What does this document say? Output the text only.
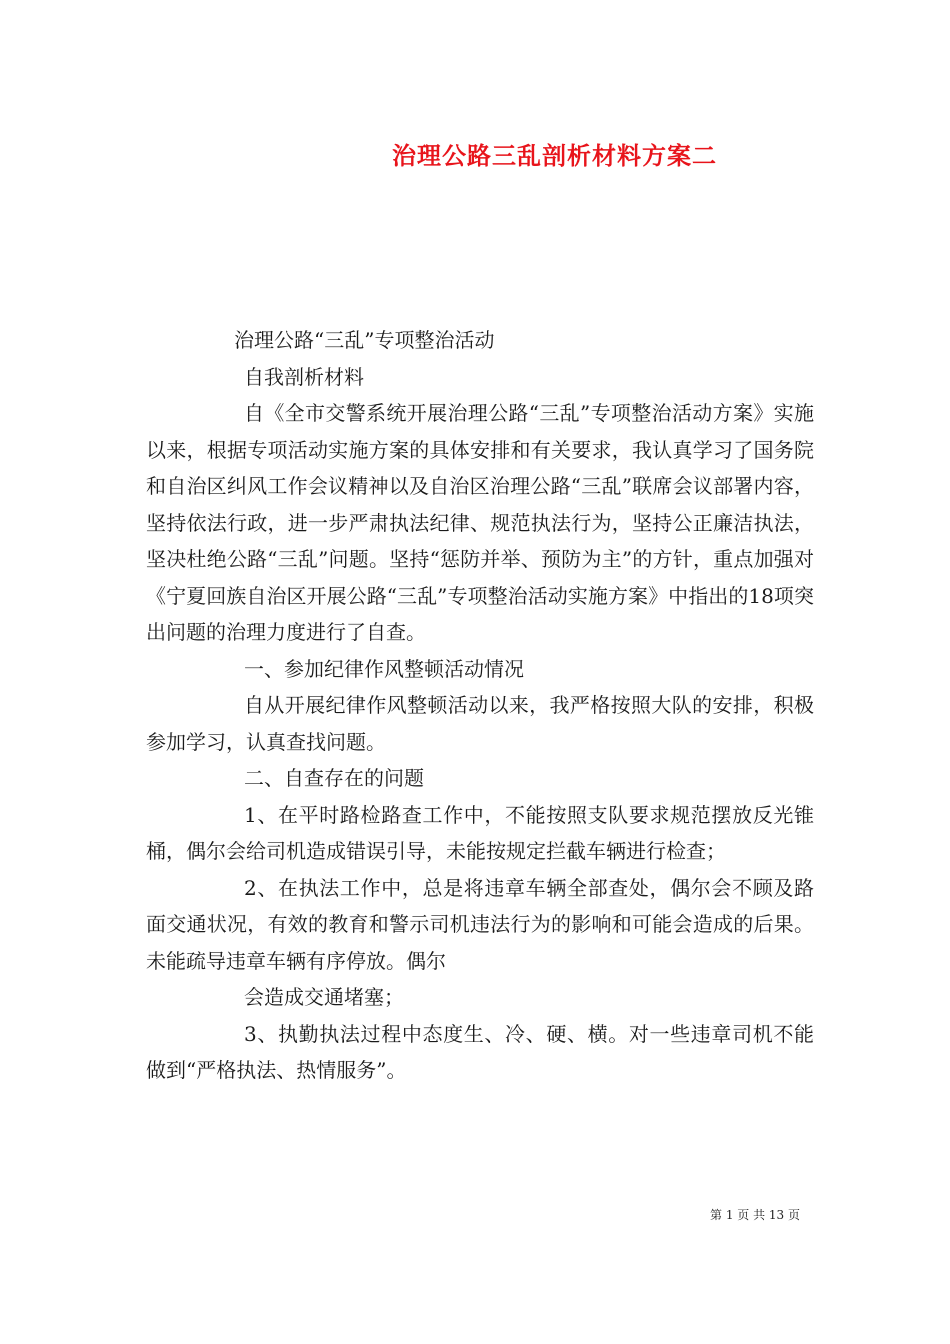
治理公路三乱剖析材料方案二

治理公路“三乱”专项整治活动

自我剖析材料

自《全市交警系统开展治理公路“三乱”专项整治活动方案》实施以来，根据专项活动实施方案的具体安排和有关要求，我认真学习了国务院和自治区纠风工作会议精神以及自治区治理公路“三乱”联席会议部署内容，坚持依法行政，进一步严肃执法纪律、规范执法行为，坚持公正廉洁执法，坚决杜绝公路“三乱”问题。坚持“惩防并举、预防为主”的方针，重点加强对《宁夏回族自治区开展公路“三乱”专项整治活动实施方案》中指出的18项突出问题的治理力度进行了自查。

一、参加纪律作风整顿活动情况

自从开展纪律作风整顿活动以来，我严格按照大队的安排，积极参加学习，认真查找问题。

二、自查存在的问题

1、在平时路检路查工作中，不能按照支队要求规范摆放反光锥桶，偶尔会给司机造成错误引导，未能按规定拦截车辆进行检查；

2、在执法工作中，总是将违章车辆全部查处，偶尔会不顾及路面交通状况，有效的教育和警示司机违法行为的影响和可能会造成的后果。未能疏导违章车辆有序停放。偶尔

会造成交通堵塞；

3、执勤执法过程中态度生、冷、硬、横。对一些违章司机不能做到“严格执法、热情服务”。

第 1 页 共 13 页
